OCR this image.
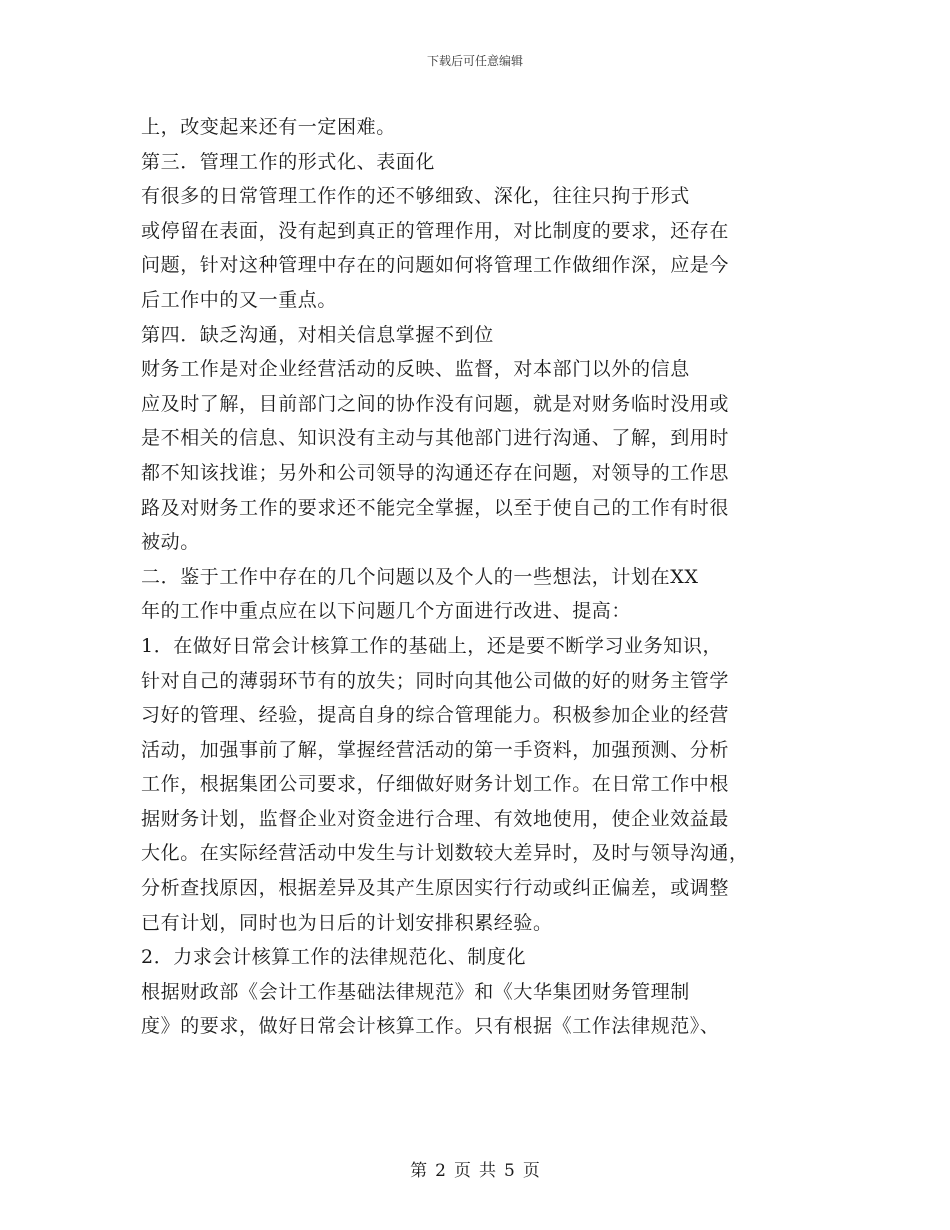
下载后可任意编辑
上，改变起来还有一定困难。
第三．管理工作的形式化、表面化
有很多的日常管理工作作的还不够细致、深化，往往只拘于形式
或停留在表面，没有起到真正的管理作用，对比制度的要求，还存在
问题，针对这种管理中存在的问题如何将管理工作做细作深，应是今
后工作中的又一重点。
第四．缺乏沟通，对相关信息掌握不到位
财务工作是对企业经营活动的反映、监督，对本部门以外的信息
应及时了解，目前部门之间的协作没有问题，就是对财务临时没用或
是不相关的信息、知识没有主动与其他部门进行沟通、了解，到用时
都不知该找谁；另外和公司领导的沟通还存在问题，对领导的工作思
路及对财务工作的要求还不能完全掌握，以至于使自己的工作有时很
被动。
二．鉴于工作中存在的几个问题以及个人的一些想法，计划在XX
年的工作中重点应在以下问题几个方面进行改进、提高：
1．在做好日常会计核算工作的基础上，还是要不断学习业务知识，
针对自己的薄弱环节有的放失；同时向其他公司做的好的财务主管学
习好的管理、经验，提高自身的综合管理能力。积极参加企业的经营
活动，加强事前了解，掌握经营活动的第一手资料，加强预测、分析
工作，根据集团公司要求，仔细做好财务计划工作。在日常工作中根
据财务计划，监督企业对资金进行合理、有效地使用，使企业效益最
大化。在实际经营活动中发生与计划数较大差异时，及时与领导沟通，
分析查找原因，根据差异及其产生原因实行行动或纠正偏差，或调整
已有计划，同时也为日后的计划安排积累经验。
2．力求会计核算工作的法律规范化、制度化
根据财政部《会计工作基础法律规范》和《大华集团财务管理制
度》的要求，做好日常会计核算工作。只有根据《工作法律规范》、
第 2 页 共 5 页
